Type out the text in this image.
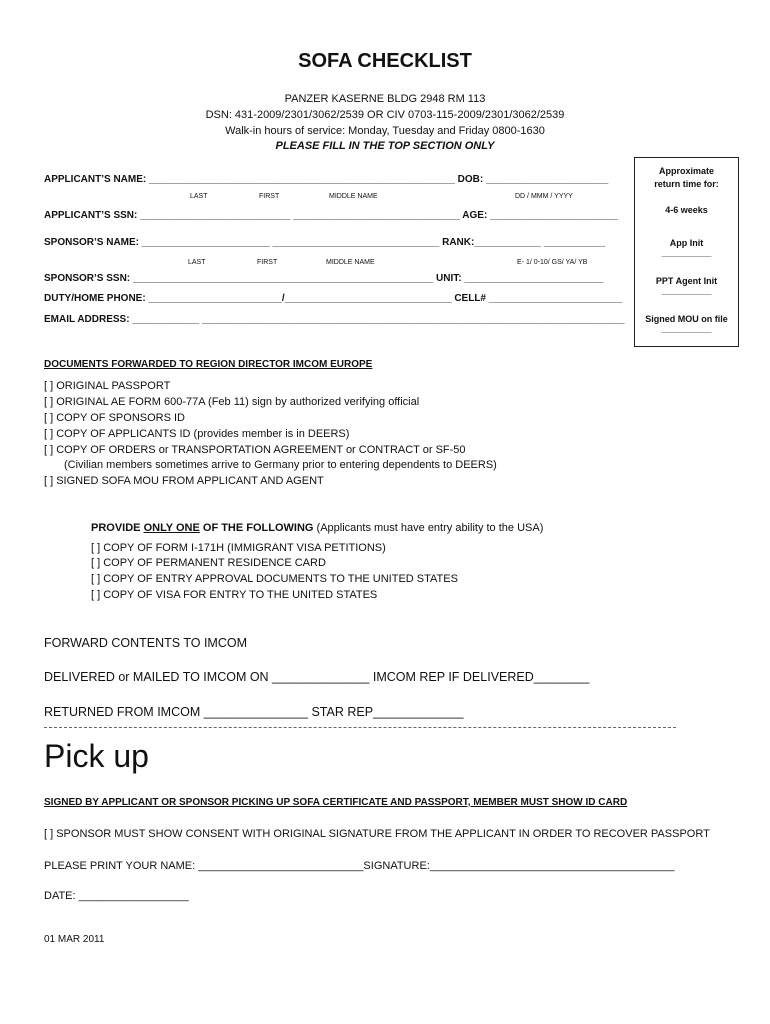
SOFA CHECKLIST
PANZER KASERNE BLDG 2948 RM 113
DSN: 431-2009/2301/3062/2539 OR CIV 0703-115-2009/2301/3062/2539
Walk-in hours of service: Monday, Tuesday and Friday 0800-1630
PLEASE FILL IN THE TOP SECTION ONLY
APPLICANT’S NAME: _______________________________________________________ DOB: ______________________
LAST	FIRST	MIDDLE NAME	DD / MMM / YYYY
APPLICANT’S SSN: ___________________________ ______________________________ AGE: _______________________
SPONSOR’S NAME: _______________________ ______________________________ RANK:____________ ___________
LAST	FIRST	MIDDLE NAME	E- 1/ 0-10/ GS/ YA/ YB
SPONSOR’S SSN: ______________________________________________________ UNIT: _________________________
DUTY/HOME PHONE: ________________________/______________________________ CELL# ________________________
EMAIL ADDRESS: ____________ ____________________________________________________________________________
Approximate
return time for:
4-6 weeks
App Init
__________
PPT Agent Init
__________
Signed MOU on file
__________
DOCUMENTS FORWARDED TO REGION DIRECTOR IMCOM EUROPE
[ ] ORIGINAL PASSPORT
[ ] ORIGINAL AE FORM 600-77A (Feb 11) sign by authorized verifying official
[ ] COPY OF SPONSORS ID
[ ] COPY OF APPLICANTS ID (provides member is in DEERS)
[ ] COPY OF ORDERS or TRANSPORTATION AGREEMENT or CONTRACT or SF-50
(Civilian members sometimes arrive to Germany prior to entering dependents to DEERS)
[ ] SIGNED SOFA MOU FROM APPLICANT AND AGENT
PROVIDE ONLY ONE OF THE FOLLOWING (Applicants must have entry ability to the USA)
[ ] COPY OF FORM I-171H (IMMIGRANT VISA PETITIONS)
[ ] COPY OF PERMANENT RESIDENCE CARD
[ ] COPY OF ENTRY APPROVAL DOCUMENTS TO THE UNITED STATES
[ ] COPY OF VISA FOR ENTRY TO THE UNITED STATES
FORWARD CONTENTS TO IMCOM
DELIVERED or MAILED TO IMCOM ON ______________ IMCOM REP IF DELIVERED________
RETURNED FROM IMCOM _______________ STAR REP_____________
Pick up
SIGNED BY APPLICANT OR SPONSOR PICKING UP SOFA CERTIFICATE AND PASSPORT, MEMBER MUST SHOW ID CARD
[ ] SPONSOR MUST SHOW CONSENT WITH ORIGINAL SIGNATURE FROM THE APPLICANT IN ORDER TO RECOVER PASSPORT
PLEASE PRINT YOUR NAME: ___________________________SIGNATURE:________________________________________
DATE: __________________
01 MAR 2011
